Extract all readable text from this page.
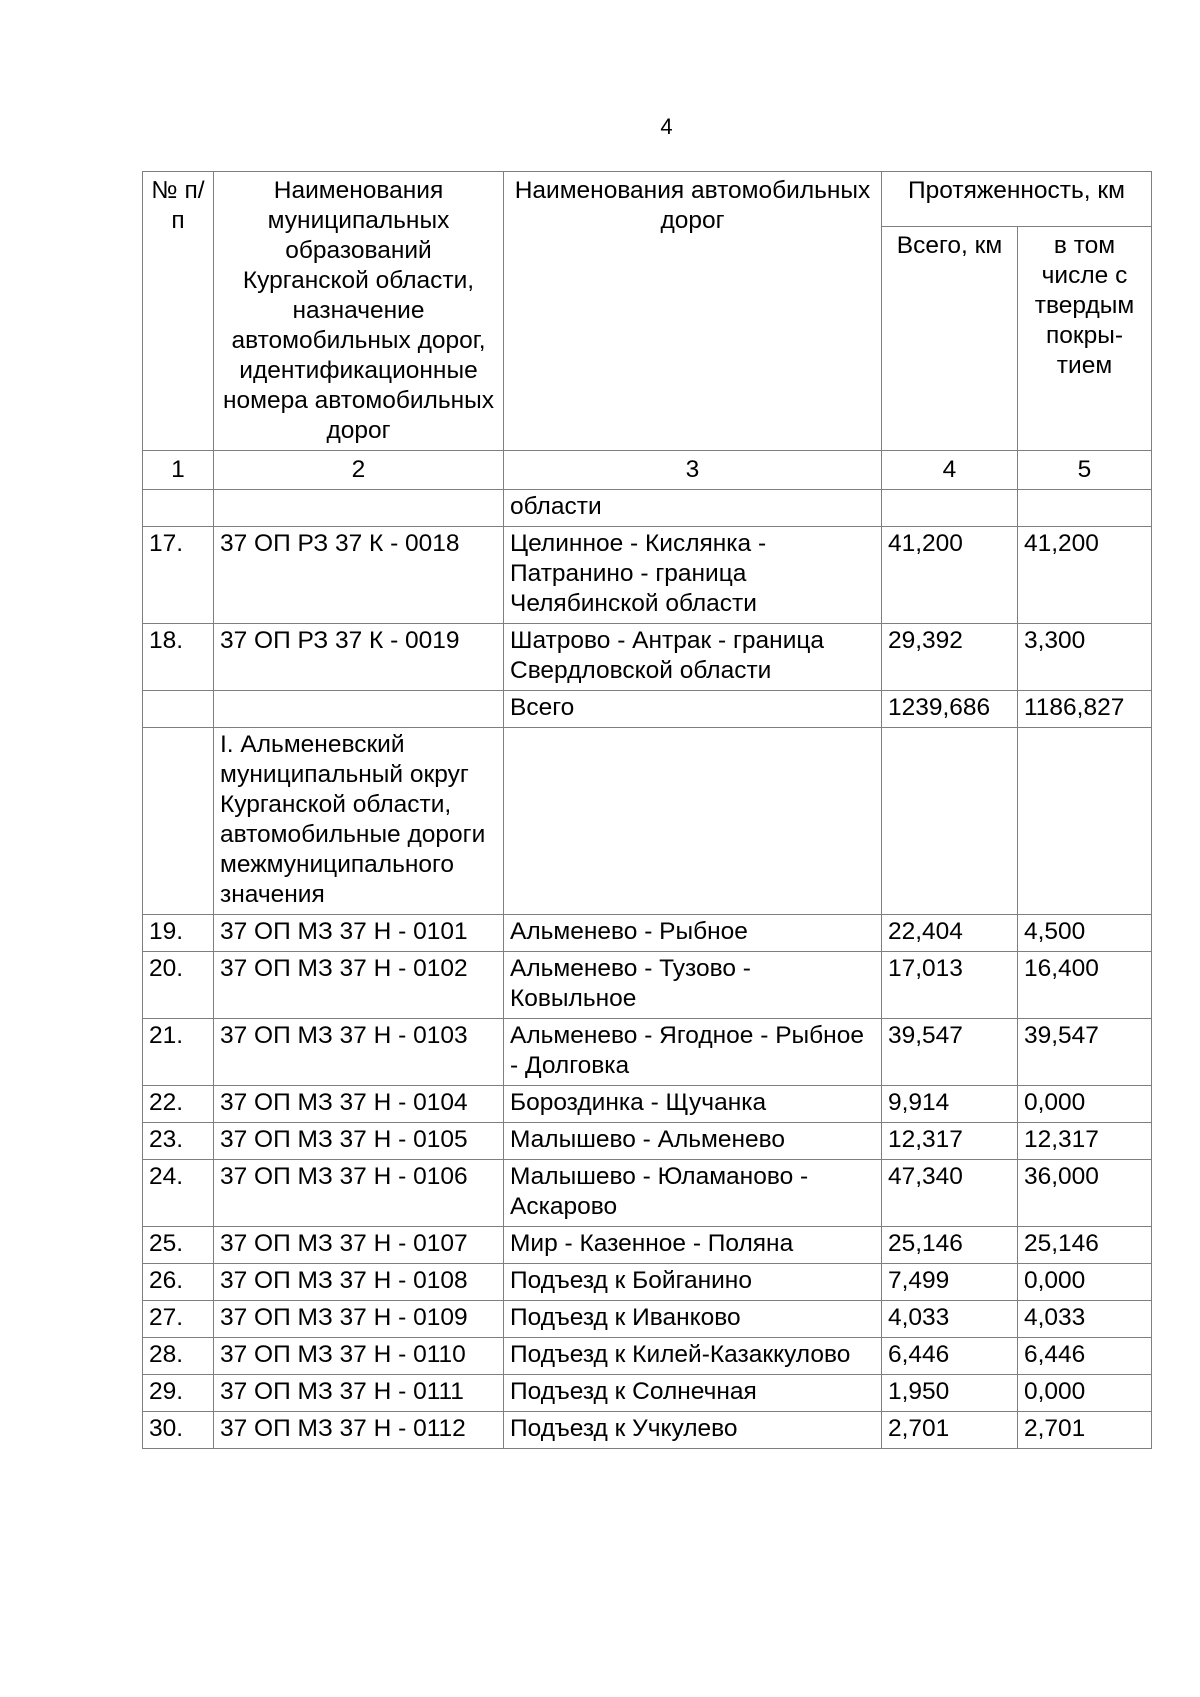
4
№ п/п	Наименования муниципальных образований Курганской области, назначение автомобильных дорог, идентификационные номера автомобильных дорог	Наименования автомобильных дорог	Протяженность, км	
			Всего, км	в том числе с твердым покры- тием
1	2	3	4	5
		области		
17.	37 ОП РЗ 37 К - 0018	Целинное - Кислянка - Патранино - граница Челябинской области	41,200	41,200
18.	37 ОП РЗ 37 К - 0019	Шатрово - Антрак - граница Свердловской области	29,392	3,300
		Всего	1239,686	1186,827
	I. Альменевский муниципальный округ Курганской области, автомобильные дороги межмуниципального значения			
19.	37 ОП МЗ 37 Н - 0101	Альменево - Рыбное	22,404	4,500
20.	37 ОП МЗ 37 Н - 0102	Альменево - Тузово - Ковыльное	17,013	16,400
21.	37 ОП МЗ 37 Н - 0103	Альменево - Ягодное - Рыбное - Долговка	39,547	39,547
22.	37 ОП МЗ 37 Н - 0104	Бороздинка - Щучанка	9,914	0,000
23.	37 ОП МЗ 37 Н - 0105	Малышево - Альменево	12,317	12,317
24.	37 ОП МЗ 37 Н - 0106	Малышево - Юламаново - Аскарово	47,340	36,000
25.	37 ОП МЗ 37 Н - 0107	Мир - Казенное - Поляна	25,146	25,146
26.	37 ОП МЗ 37 Н - 0108	Подъезд к Бойганино	7,499	0,000
27.	37 ОП МЗ 37 Н - 0109	Подъезд к Иванково	4,033	4,033
28.	37 ОП МЗ 37 Н - 0110	Подъезд к Килей-Казаккулово	6,446	6,446
29.	37 ОП МЗ 37 Н - 0111	Подъезд к Солнечная	1,950	0,000
30.	37 ОП МЗ 37 Н - 0112	Подъезд к Учкулево	2,701	2,701
